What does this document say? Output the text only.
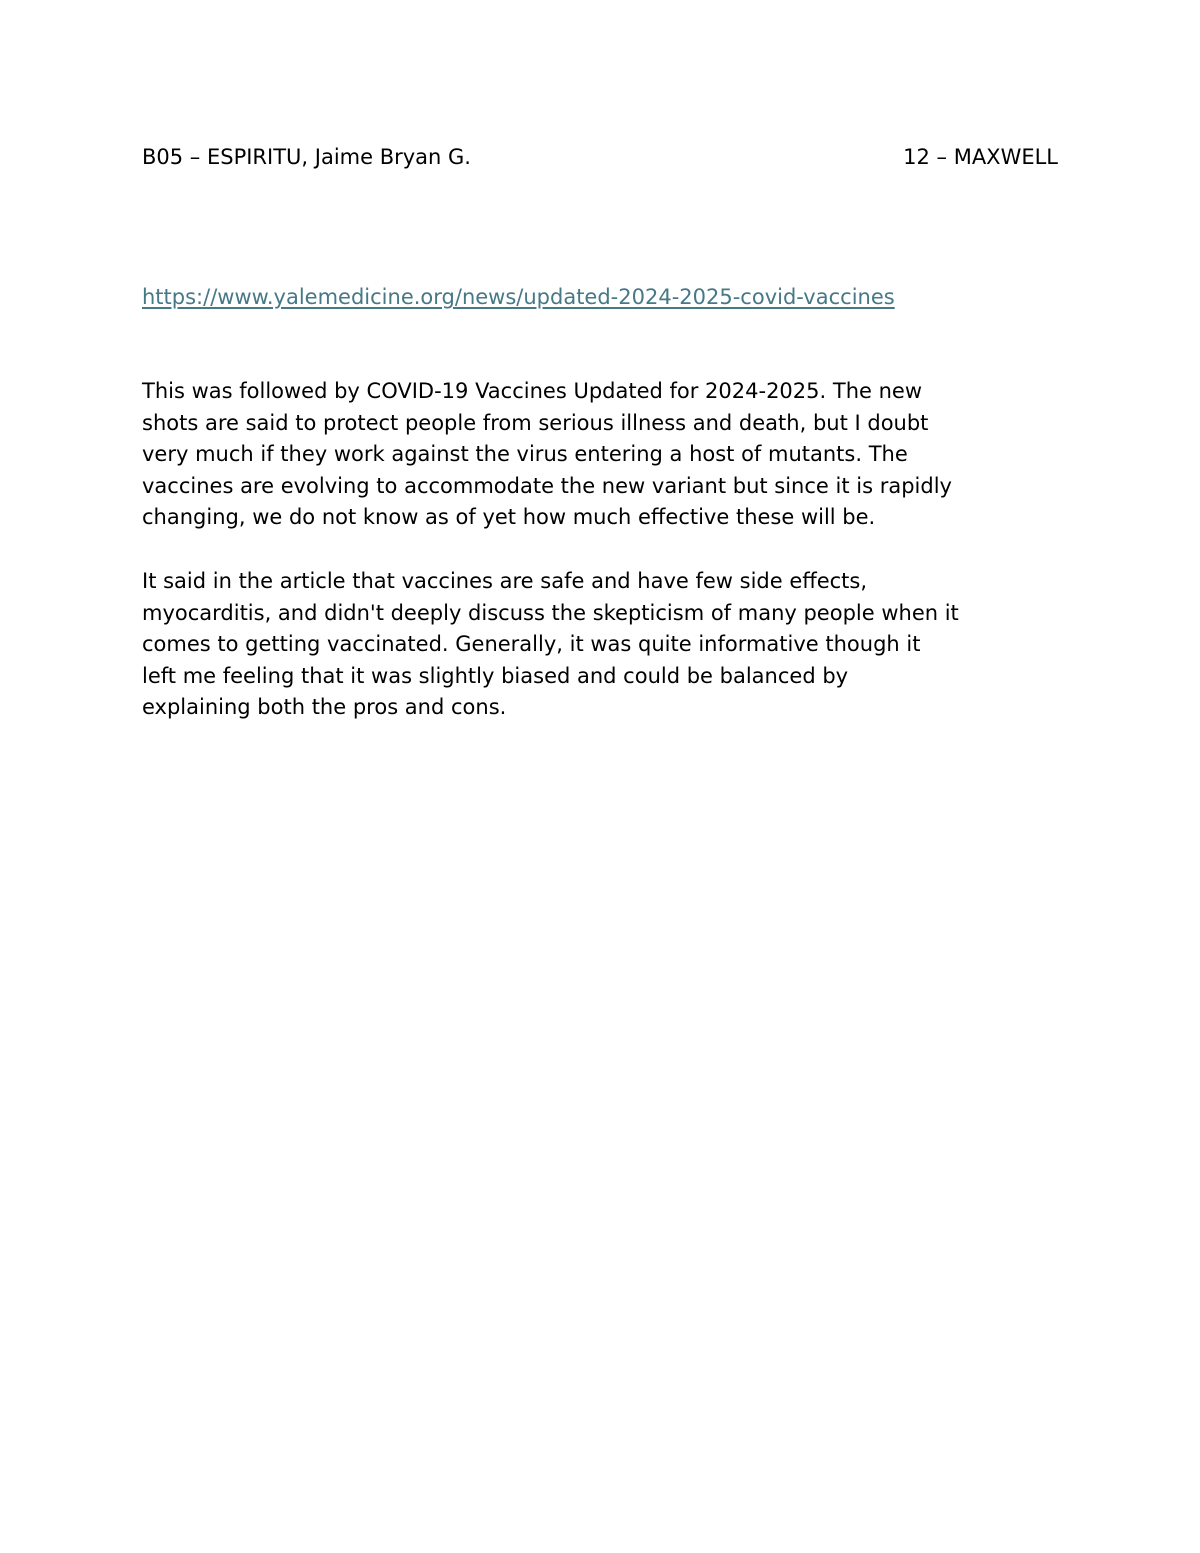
B05 – ESPIRITU, Jaime Bryan G.	12 – MAXWELL
https://www.yalemedicine.org/news/updated-2024-2025-covid-vaccines

This was followed by COVID-19 Vaccines Updated for 2024-2025. The new
shots are said to protect people from serious illness and death, but I doubt
very much if they work against the virus entering a host of mutants. The
vaccines are evolving to accommodate the new variant but since it is rapidly
changing, we do not know as of yet how much effective these will be.

It said in the article that vaccines are safe and have few side effects,
myocarditis, and didn't deeply discuss the skepticism of many people when it
comes to getting vaccinated. Generally, it was quite informative though it
left me feeling that it was slightly biased and could be balanced by
explaining both the pros and cons.
